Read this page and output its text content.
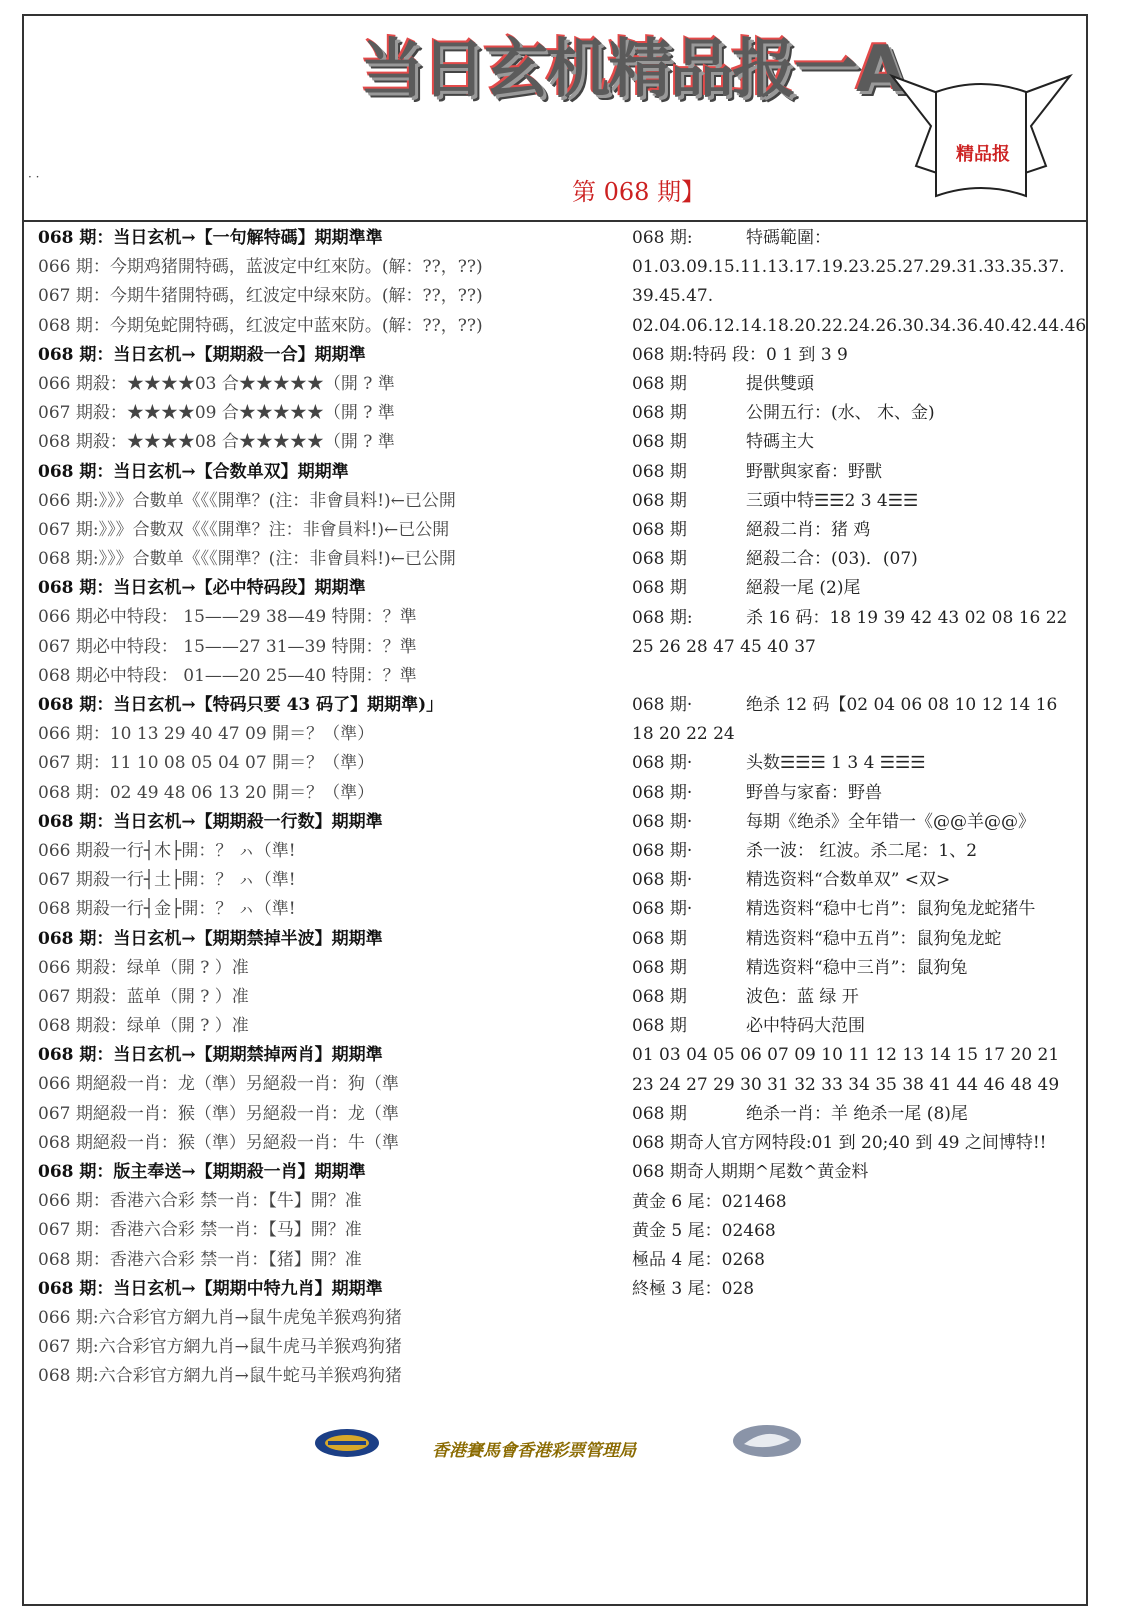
当日玄机精品报一A
· ·
精品报
第 068 期】
068 期：当日玄机→【一句解特碼】期期準準
066 期：今期鸡猪開特碼，蓝波定中红來防。(解：??，??)
067 期：今期牛猪開特碼，红波定中绿來防。(解：??，??)
068 期：今期兔蛇開特碼，红波定中蓝來防。(解：??，??)
068 期：当日玄机→【期期殺一合】期期準
066 期殺：★★★★03 合★★★★★（開 ? 準
067 期殺：★★★★09 合★★★★★（開 ? 準
068 期殺：★★★★08 合★★★★★（開 ? 準
068 期：当日玄机→【合数单双】期期準
066 期:》》》合數单《《《開準？(注：非會員料!)←已公開
067 期:》》》合數双《《《開準？注：非會員料!)←已公開
068 期:》》》合數单《《《開準？(注：非會員料!)←已公開
068 期：当日玄机→【必中特码段】期期準
066 期必中特段： 15——29 38—49 特開：？準
067 期必中特段： 15——27 31—39 特開：？準
068 期必中特段： 01——20 25—40 特開：？準
068 期：当日玄机→【特码只要 43 码了】期期準)」
066 期：10 13 29 40 47 09 開＝？（準）
067 期：11 10 08 05 04 07 開＝？（準）
068 期：02 49 48 06 13 20 開＝？（準）
068 期：当日玄机→【期期殺一行数】期期準
066 期殺一行┤木├開：？ ㇵ（準!
067 期殺一行┤土├開：？ ㇵ（準!
068 期殺一行┤金├開：？ ㇵ（準!
068 期：当日玄机→【期期禁掉半波】期期準
066 期殺：绿单（開 ? ）准
067 期殺：蓝单（開 ? ）准
068 期殺：绿单（開 ? ）准
068 期：当日玄机→【期期禁掉两肖】期期準
066 期絕殺一肖：龙（準）另絕殺一肖：狗（準
067 期絕殺一肖：猴（準）另絕殺一肖：龙（準
068 期絕殺一肖：猴（準）另絕殺一肖：牛（準
068 期：版主奉送→【期期殺一肖】期期準
066 期：香港六合彩 禁一肖：【牛】開？准
067 期：香港六合彩 禁一肖：【马】開？准
068 期：香港六合彩 禁一肖：【猪】開？准
068 期：当日玄机→【期期中特九肖】期期準
066 期:六合彩官方網九肖→鼠牛虎兔羊猴鸡狗猪
067 期:六合彩官方網九肖→鼠牛虎马羊猴鸡狗猪
068 期:六合彩官方網九肖→鼠牛蛇马羊猴鸡狗猪
068 期:	特碼範圍：
01.03.09.15.11.13.17.19.23.25.27.29.31.33.35.37.39.45.47.
02.04.06.12.14.18.20.22.24.26.30.34.36.40.42.44.46
068 期:特码 段：0 1 到 3 9
068 期	提供雙頭
068 期	公開五行：(水、 木、金)
068 期	特碼主大
068 期	野獸與家畜：野獸
068 期	三頭中特☰☰2 3 4☰☰
068 期	絕殺二肖：猪 鸡
068 期	絕殺二合：(03)．(07)
068 期	絕殺一尾 (2)尾
068 期:	杀 16 码：18 19 39 42 43 02 08 16 22 25 26 28 47 45 40 37
068 期·	绝杀 12 码【02 04 06 08 10 12 14 16 18 20 22 24
068 期·	头数☰☰☰ 1 3 4 ☰☰☰
068 期·	野兽与家畜：野兽
068 期·	每期《绝杀》全年错一《@@羊@@》
068 期·	杀一波： 红波。杀二尾：1、2
068 期·	精选资料“合数单双” <双>
068 期·	精选资料“稳中七肖”：鼠狗兔龙蛇猪牛
068 期	精选资料“稳中五肖”：鼠狗兔龙蛇
068 期	精选资料“稳中三肖”：鼠狗兔
068 期	波色：蓝 绿 开
068 期	必中特码大范围
01 03 04 05 06 07 09 10 11 12 13 14 15 17 20 21 23 24 27 29 30 31 32 33 34 35 38 41 44 46 48 49
068 期	绝杀一肖：羊 绝杀一尾 (8)尾
068 期奇人官方网特段:01 到 20;40 到 49 之间博特!!
068 期奇人期期^尾数^黄金料
黄金 6 尾：021468
黄金 5 尾：02468
極品 4 尾：0268
終極 3 尾：028
香港賽馬會香港彩票管理局
